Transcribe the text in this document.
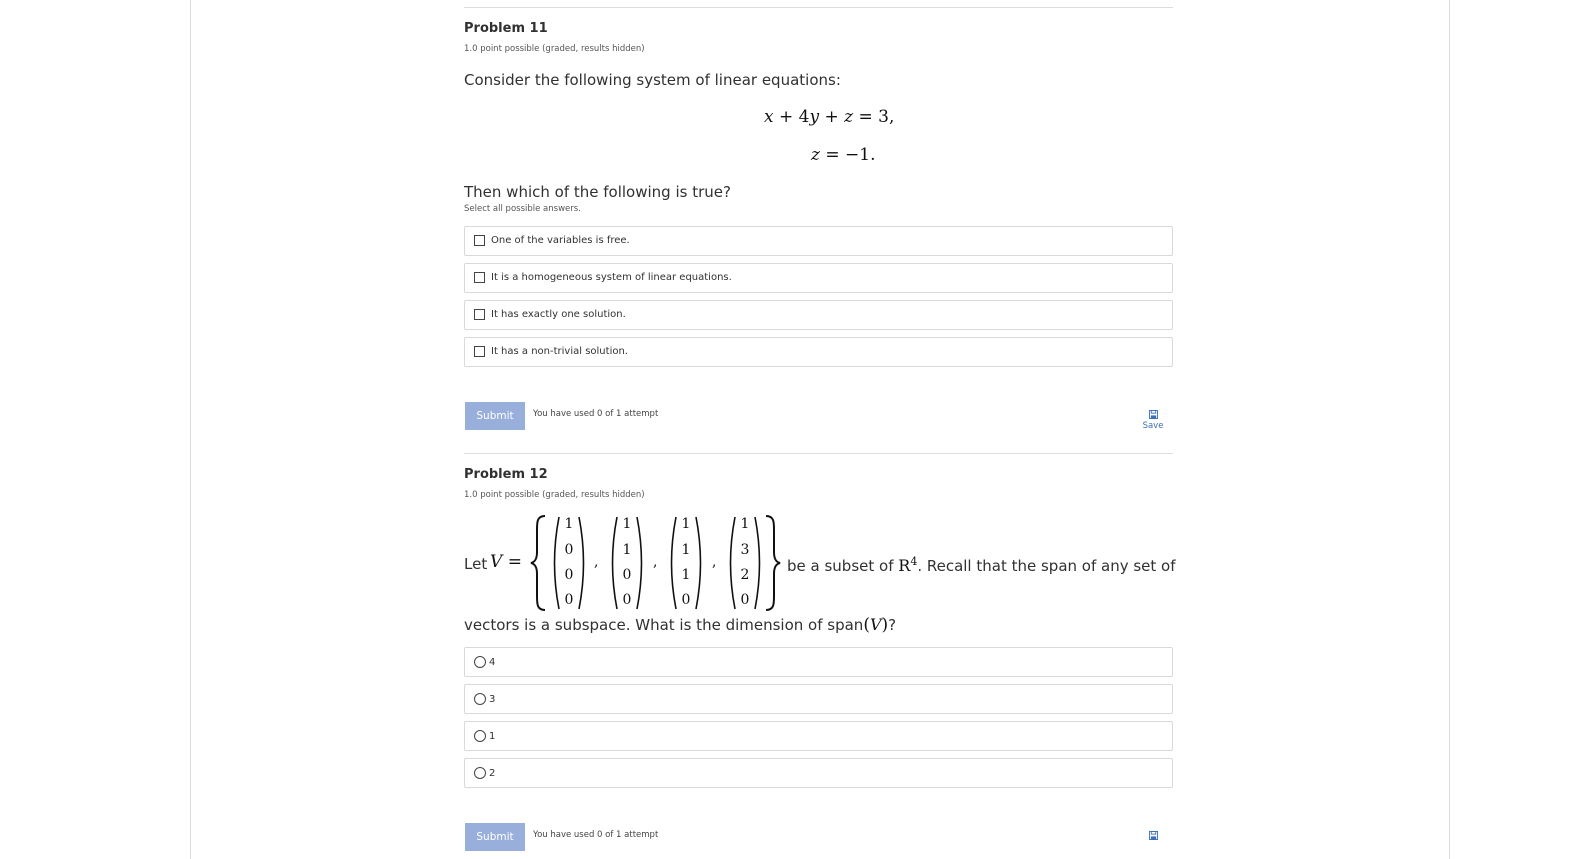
Problem 11
1.0 point possible (graded, results hidden)
Consider the following system of linear equations:
x + 4y + z = 3,
z = −1.
Then which of the following is true?
Select all possible answers.
One of the variables is free.
It is a homogeneous system of linear equations.
It has exactly one solution.
It has a non-trivial solution.
Submit	You have used 0 of 1 attempt
Save
Problem 12
1.0 point possible (graded, results hidden)
Let V =
1
0
0
0
,
1
1
0
0
,
1
1
1
0
,
1
3
2
0
be a subset of $R^4$. Recall that the span of any set of
vectors is a subspace. What is the dimension of span(V)?
4
3
1
2
Submit	You have used 0 of 1 attempt
